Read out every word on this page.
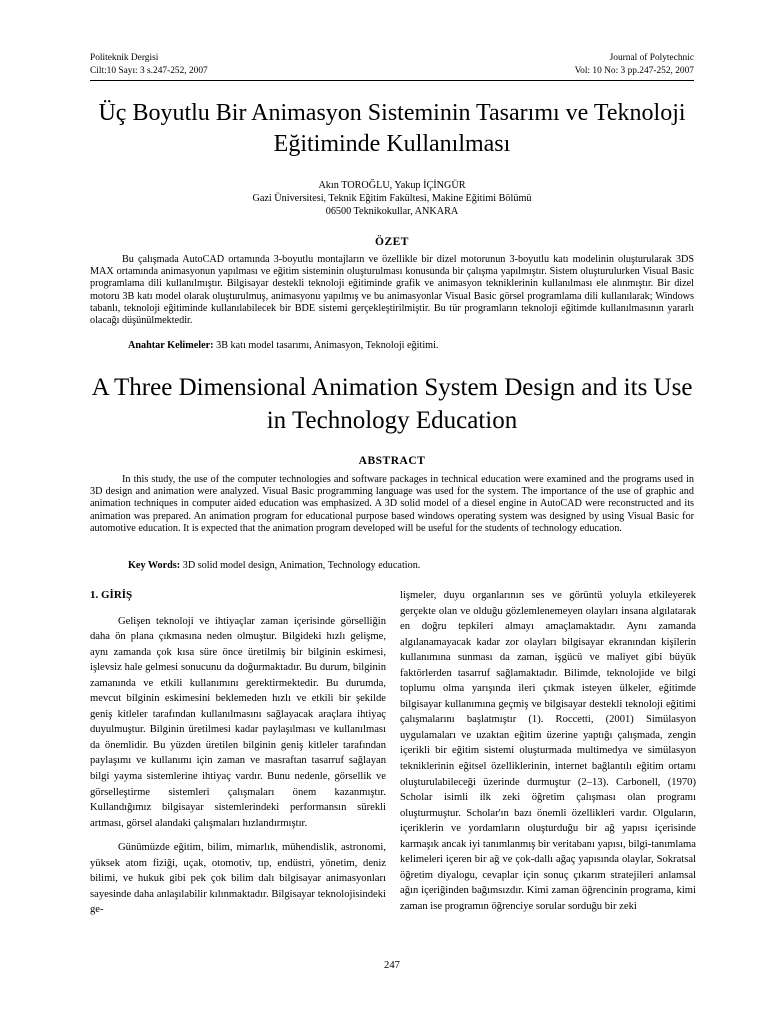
Politeknik Dergisi
Cilt:10 Sayı: 3 s.247-252, 2007
Journal of Polytechnic
Vol: 10 No: 3 pp.247-252, 2007
Üç Boyutlu Bir Animasyon Sisteminin Tasarımı ve Teknoloji Eğitiminde Kullanılması
Akın TOROĞLU, Yakup İÇİNGÜR
Gazi Üniversitesi, Teknik Eğitim Fakültesi, Makine Eğitimi Bölümü
06500 Teknikokullar, ANKARA
ÖZET

Bu çalışmada AutoCAD ortamında 3-boyutlu montajların ve özellikle bir dizel motorunun 3-boyutlu katı modelinin oluşturularak 3DS MAX ortamında animasyonun yapılması ve eğitim sisteminin oluşturulması konusunda bir çalışma yapılmıştır. Sistem oluşturulurken Visual Basic programlama dili kullanılmıştır. Bilgisayar destekli teknoloji eğitiminde grafik ve animasyon tekniklerinin kullanılması ele alınmıştır. Bir dizel motoru 3B katı model olarak oluşturulmuş, animasyonu yapılmış ve bu animasyonlar Visual Basic görsel programlama dili kullanılarak; Windows tabanlı, teknoloji eğitiminde kullanılabilecek bir BDE sistemi gerçekleştirilmiştir. Bu tür programların teknoloji eğitimde kullanılmasının yararlı olacağı düşünülmektedir.

Anahtar Kelimeler: 3B katı model tasarımı, Animasyon, Teknoloji eğitimi.
A Three Dimensional Animation System Design and its Use in Technology Education
ABSTRACT

In this study, the use of the computer technologies and software packages in technical education were examined and the programs used in 3D design and animation were analyzed. Visual Basic programming language was used for the system. The importance of the use of graphic and animation techniques in computer aided education was emphasized. A 3D solid model of a diesel engine in AutoCAD were reconstructed and its animation was prepared. An animation program for educational purpose based windows operating system was designed by using Visual Basic for automotive education. It is expected that the animation program developed will be useful for the students of technology education.

Key Words: 3D solid model design, Animation, Technology education.
1. GİRİŞ

Gelişen teknoloji ve ihtiyaçlar zaman içerisinde görselliğin daha ön plana çıkmasına neden olmuştur. Bilgideki hızlı gelişme, aynı zamanda çok kısa süre önce üretilmiş bir bilginin eskimesi, işlevsiz hale gelmesi sonucunu da doğurmaktadır. Bu durum, bilginin zamanında ve etkili kullanımını gerektirmektedir. Bu durumda, mevcut bilginin eskimesini beklemeden hızlı ve etkili bir şekilde geniş kitleler tarafından kullanılmasını sağlayacak araçlara ihtiyaç duyulmuştur. Bilginin üretilmesi kadar paylaşılması ve kullanılması da önemlidir. Bu yüzden üretilen bilginin geniş kitleler tarafından paylaşımı ve kullanımı için zaman ve masraftan tasarruf sağlayan bilgi yayma sistemlerine ihtiyaç vardır. Bunu nedenle, görsellik ve görselleştirme sistemleri çalışmaları önem kazanmıştır. Kullandığımız bilgisayar sistemlerindeki performansın sürekli artması, görsel alandaki çalışmaları hızlandırmıştır.

Günümüzde eğitim, bilim, mimarlık, mühendislik, astronomi, yüksek atom fiziği, uçak, otomotiv, tıp, endüstri, yönetim, deniz bilimi, ve hukuk gibi pek çok bilim dalı bilgisayar animasyonları sayesinde daha anlaşılabilir kılınmaktadır. Bilgisayar teknolojisindeki ge-

lişmeler, duyu organlarının ses ve görüntü yoluyla etkileyerek gerçekte olan ve olduğu gözlemlenemeyen olayları insana algılatarak en doğru tepkileri almayı amaçlamaktadır. Aynı zamanda algılanamayacak kadar zor olayları bilgisayar ekranından kişilerin kullanımına sunması da zaman, işgücü ve maliyet gibi büyük faktörlerden tasarruf sağlamaktadır. Bilimde, teknolojide ve bilgi toplumu olma yarışında ileri çıkmak isteyen ülkeler, eğitimde bilgisayar kullanımına geçmiş ve bilgisayar destekli teknoloji eğitimi çalışmalarını başlatmıştır (1). Roccetti, (2001) Simülasyon uygulamaları ve uzaktan eğitim üzerine yaptığı çalışmada, zengin içerikli bir eğitim sistemi oluşturmada multimedya ve simülasyon tekniklerinin eğitsel özelliklerinin, internet bağlantılı eğitim ortamı oluşturulabileceği üzerinde durmuştur (2–13). Carbonell, (1970) Scholar isimli ilk zeki öğretim çalışması olan programı oluşturmuştur. Scholar'ın bazı önemli özellikleri vardır. Olguların, içeriklerin ve yordamların oluşturduğu bir ağ yapısı içerisinde karmaşık ancak iyi tanımlanmış bir veritabanı yapısı, bilgi-tanımlama kelimeleri içeren bir ağ ve çok-dallı ağaç yapısında olaylar, Sokratsal öğretim diyalogu, cevaplar için sonuç çıkarım stratejileri anlamsal ağın içeriğinden bağımsızdır. Kimi zaman öğrencinin programa, kimi zaman ise programın öğrenciye sorular sorduğu bir zeki

247
